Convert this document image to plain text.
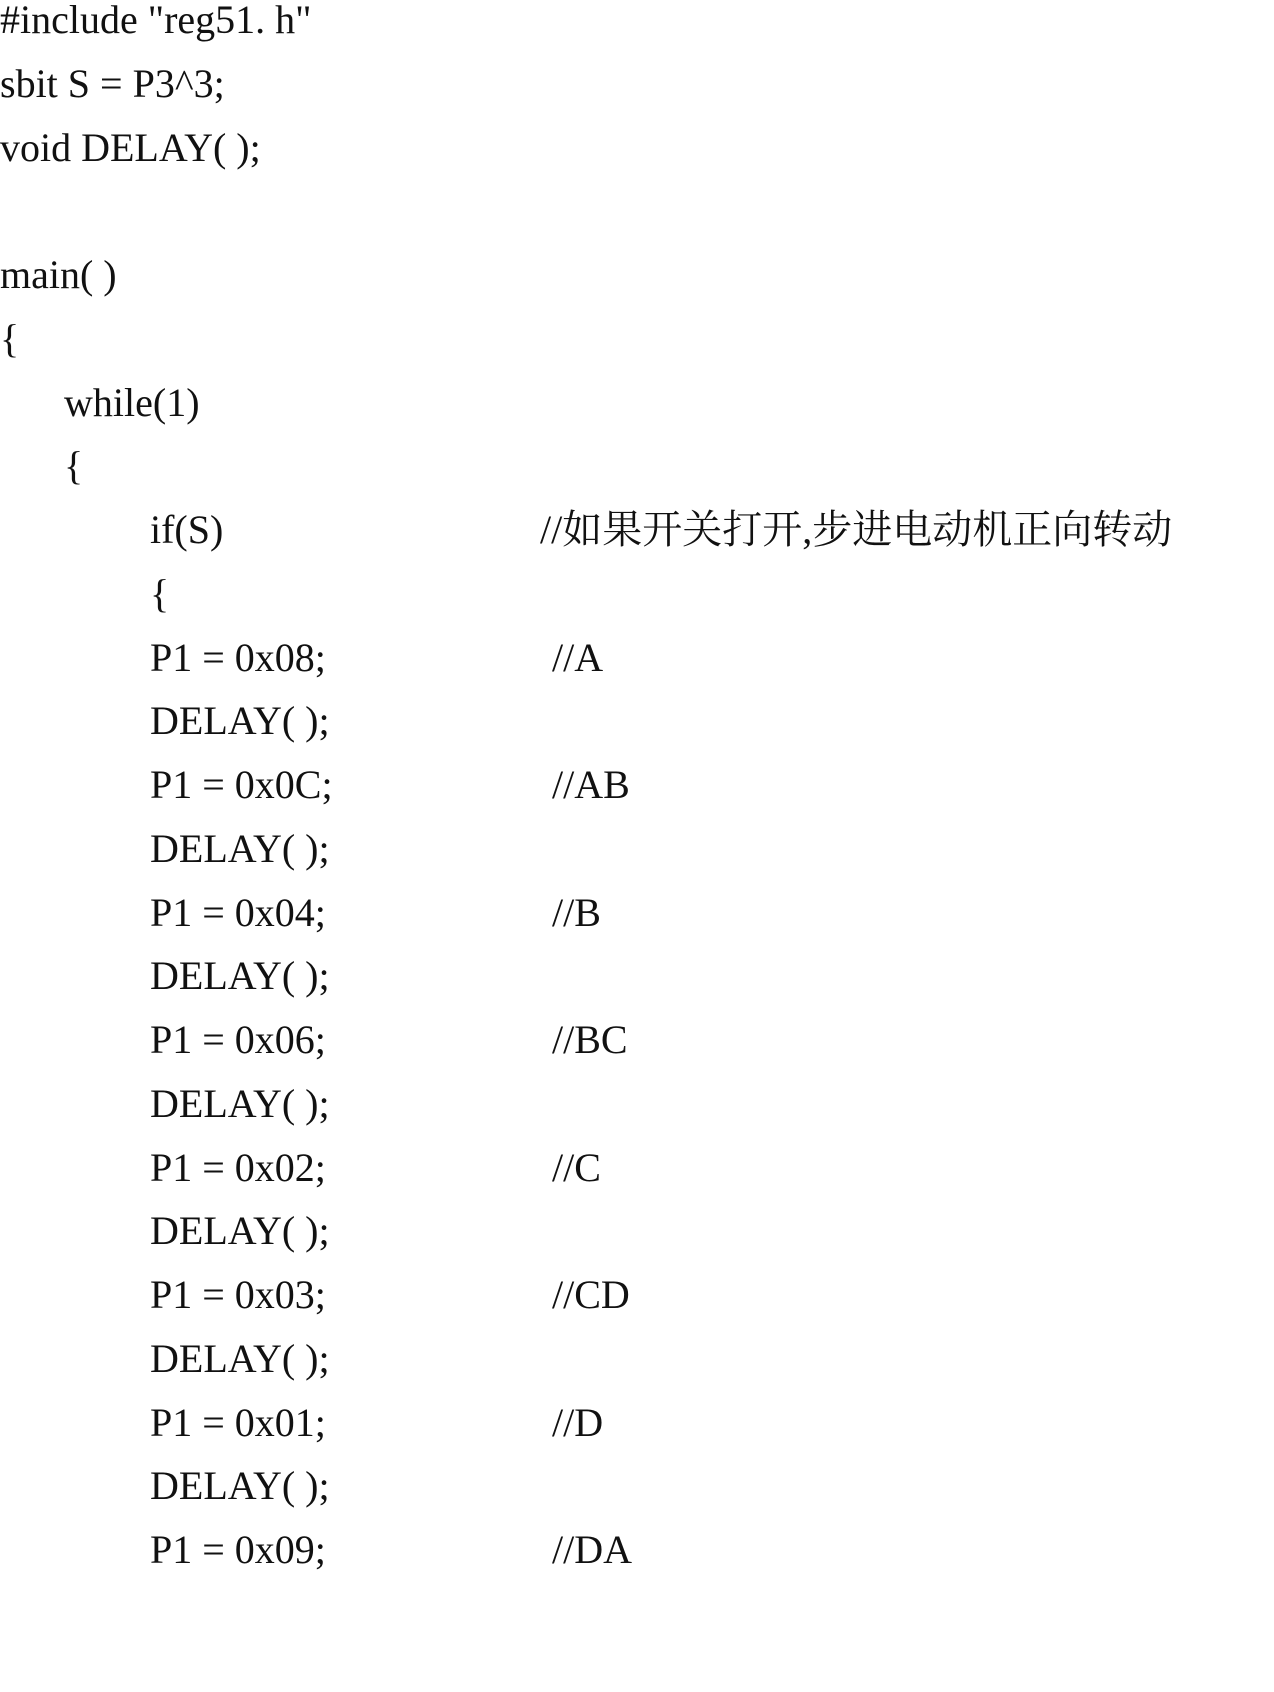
#include "reg51. h"

sbit S = P3^3;

void DELAY( );

main( )

{

while(1)

{

if(S)

	//如果开关打开,步进电动机正向转动

{

P1 = 0x08;

	//A

DELAY( );

P1 = 0x0C;

	//AB

DELAY( );

P1 = 0x04;

	//B

DELAY( );

P1 = 0x06;

	//BC

DELAY( );

P1 = 0x02;

	//C

DELAY( );

P1 = 0x03;

	//CD

DELAY( );

P1 = 0x01;

	//D

DELAY( );

P1 = 0x09;

	//DA
